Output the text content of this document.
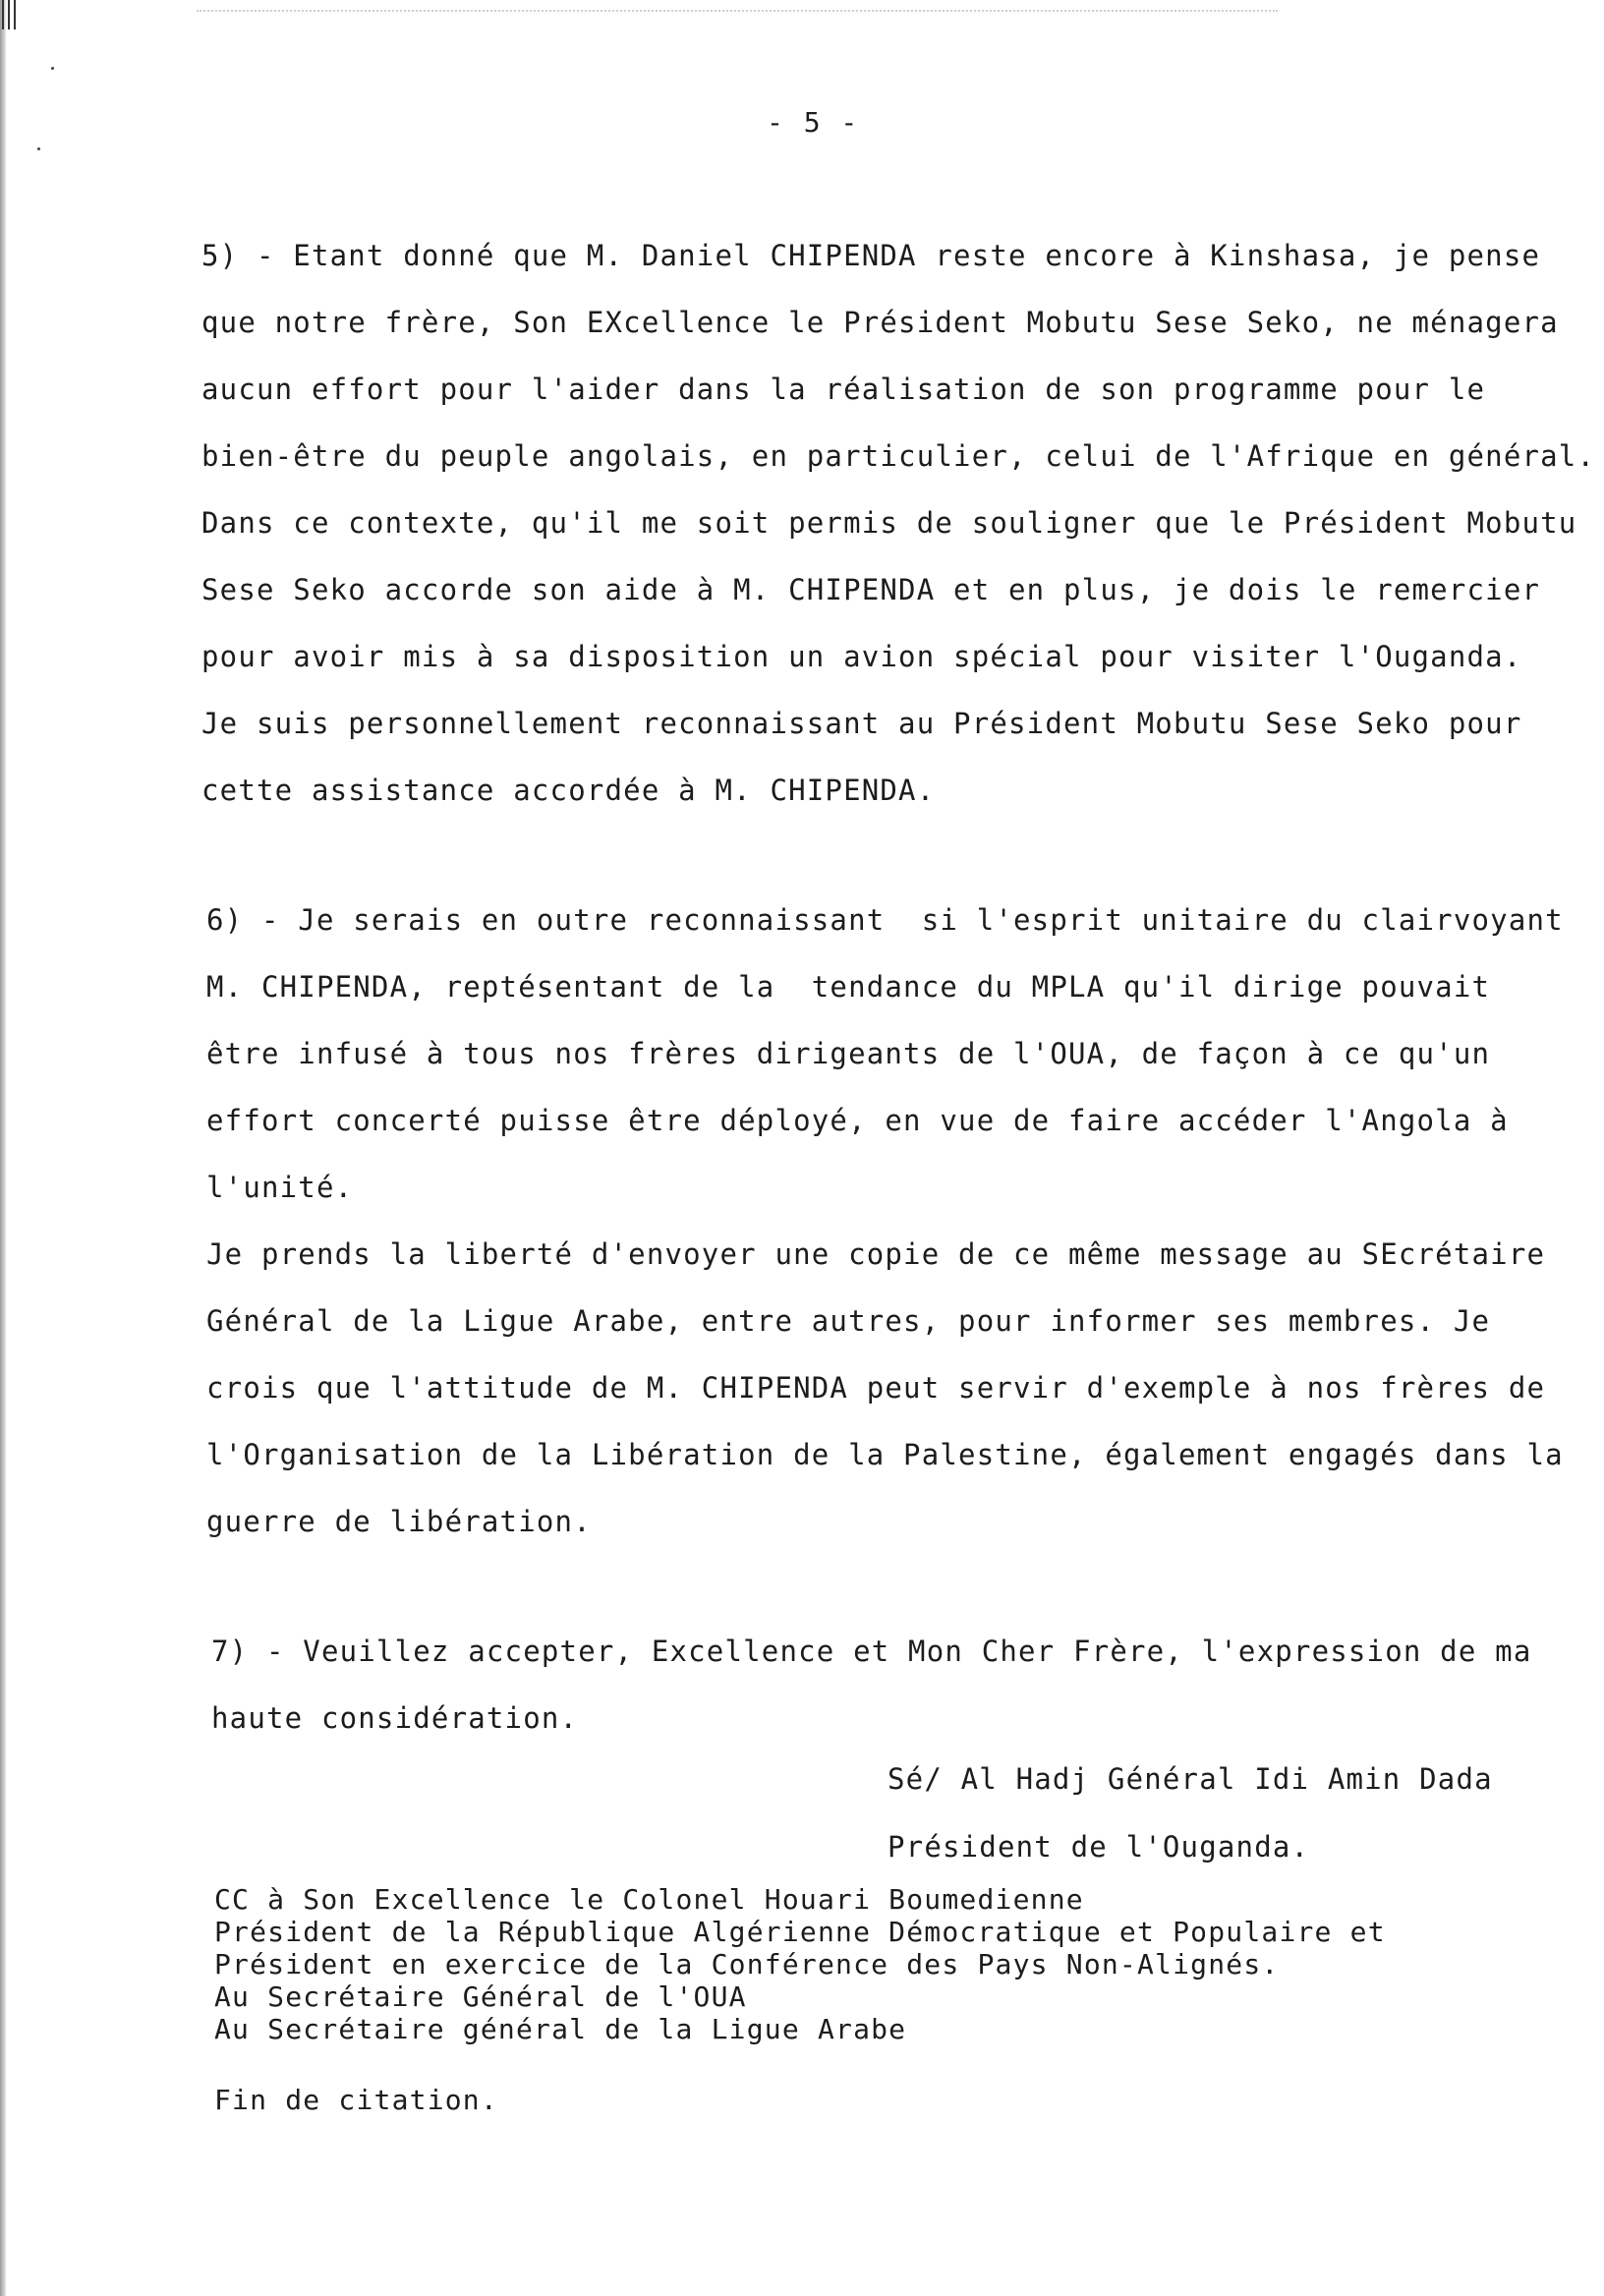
- 5 -
5) - Etant donné que M. Daniel CHIPENDA reste encore à Kinshasa, je pense
que notre frère, Son EXcellence le Président Mobutu Sese Seko, ne ménagera
aucun effort pour l'aider dans la réalisation de son programme pour le
bien-être du peuple angolais, en particulier, celui de l'Afrique en général.
Dans ce contexte, qu'il me soit permis de souligner que le Président Mobutu
Sese Seko accorde son aide à M. CHIPENDA et en plus, je dois le remercier
pour avoir mis à sa disposition un avion spécial pour visiter l'Ouganda.
Je suis personnellement reconnaissant au Président Mobutu Sese Seko pour
cette assistance accordée à M. CHIPENDA.
6) - Je serais en outre reconnaissant  si l'esprit unitaire du clairvoyant
M. CHIPENDA, reptésentant de la  tendance du MPLA qu'il dirige pouvait
être infusé à tous nos frères dirigeants de l'OUA, de façon à ce qu'un
effort concerté puisse être déployé, en vue de faire accéder l'Angola à
l'unité.
Je prends la liberté d'envoyer une copie de ce même message au SEcrétaire
Général de la Ligue Arabe, entre autres, pour informer ses membres. Je
crois que l'attitude de M. CHIPENDA peut servir d'exemple à nos frères de
l'Organisation de la Libération de la Palestine, également engagés dans la
guerre de libération.
7) - Veuillez accepter, Excellence et Mon Cher Frère, l'expression de ma
haute considération.
Sé/ Al Hadj Général Idi Amin Dada
Président de l'Ouganda.
CC à Son Excellence le Colonel Houari Boumedienne
Président de la République Algérienne Démocratique et Populaire et
Président en exercice de la Conférence des Pays Non-Alignés.
Au Secrétaire Général de l'OUA
Au Secrétaire général de la Ligue Arabe
Fin de citation.
